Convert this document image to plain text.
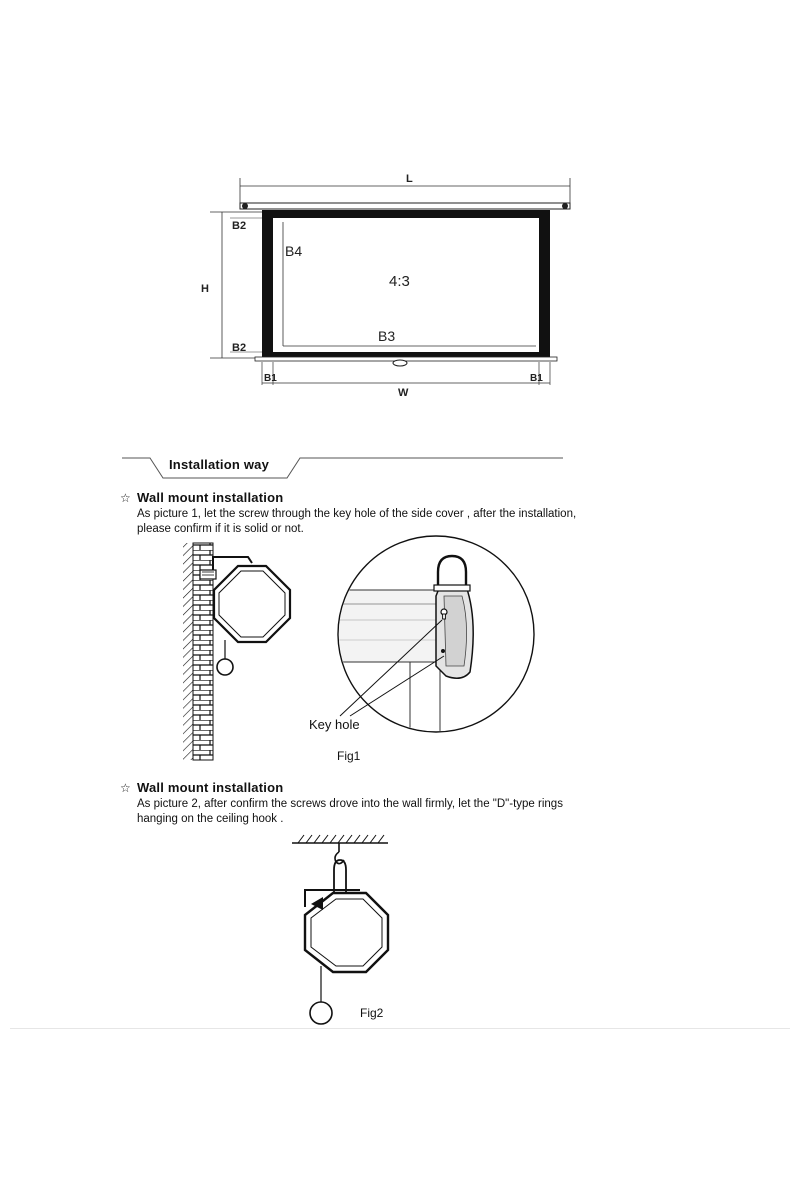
L
B2
H
B2
B4
4:3
B3
B1	B1
W
Installation way
☆ Wall mount installation
As picture 1, let the screw through the key hole of the side cover , after the installation, please confirm if it is solid or not.
Key hole
Fig1
☆ Wall mount installation
As picture 2, after confirm the screws drove into the wall firmly, let the "D"-type rings hanging on the ceiling hook .
Fig2
